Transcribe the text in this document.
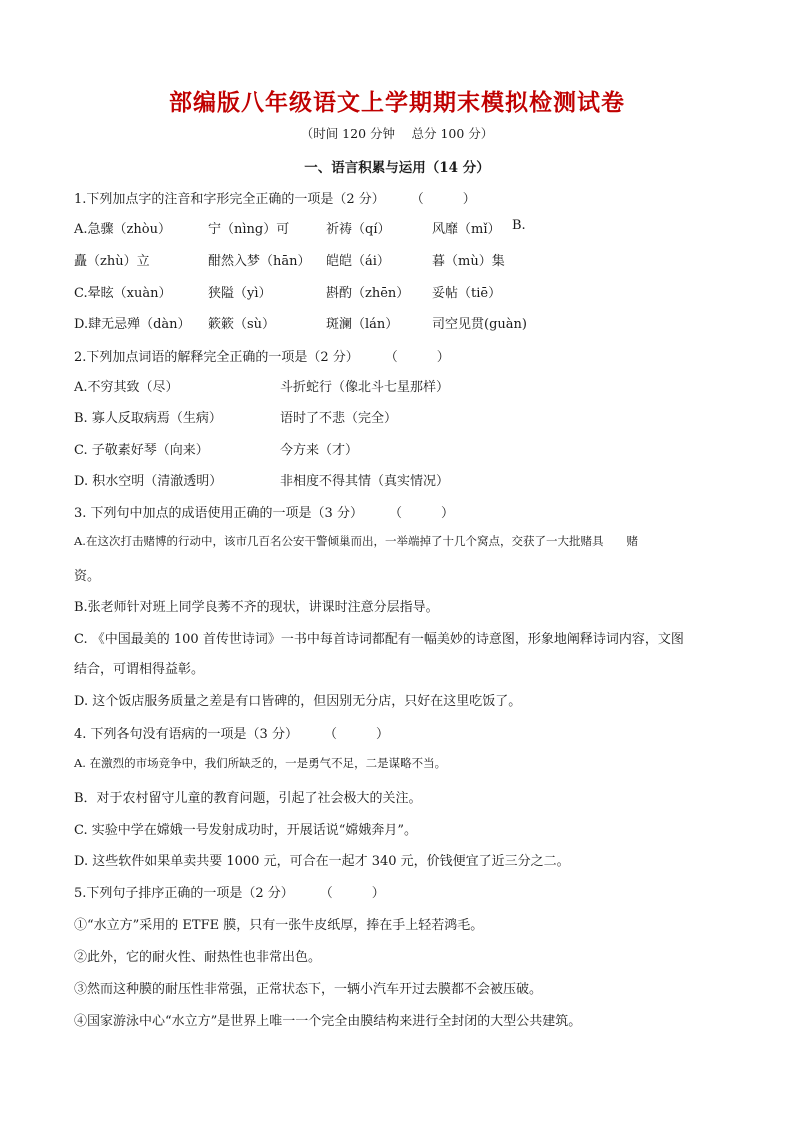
部编版八年级语文上学期期末模拟检测试卷
（时间 120 分钟　 总分 100 分）
一、语言积累与运用（14 分）
1.下列加点字的注音和字形完全正确的一项是（2 分）　　　（　　　）
A.急骤（zhòu）	宁（nìng）可	祈祷（qí）	风靡（mǐ） B.
矗（zhù）立	酣然入梦（hān） 皑皑（ái）	暮（mù）集
C.晕眩（xuàn）	狭隘（yì）	斟酌（zhēn） 妥帖（tiē）
D.肆无忌殚（dàn） 簌簌（sù）	斑澜（lán）	司空见贯(guàn)
2.下列加点词语的解释完全正确的一项是（2 分）　　　（　　　）
A.不穷其致（尽）	斗折蛇行（像北斗七星那样）
B. 寡人反取病焉（生病）	语时了不悲（完全）
C. 子敬素好琴（向来）	今方来（才）
D. 积水空明（清澈透明）	非相度不得其情（真实情况）
3. 下列句中加点的成语使用正确的一项是（3 分）　　　（　　　）
A.在这次打击赌博的行动中，该市几百名公安干警倾巢而出，一举端掉了十几个窝点，交获了一大批赌具　　赌
资。
B.张老师针对班上同学良莠不齐的现状，讲课时注意分层指导。
C. 《中国最美的 100 首传世诗词》一书中每首诗词都配有一幅美妙的诗意图，形象地阐释诗词内容，文图
结合，可谓相得益彰。
D. 这个饭店服务质量之差是有口皆碑的，但因别无分店，只好在这里吃饭了。
4. 下列各句没有语病的一项是（3 分）　　　（　　　）
A. 在激烈的市场竞争中，我们所缺乏的，一是勇气不足，二是谋略不当。
B．对于农村留守儿童的教育问题，引起了社会极大的关注。
C. 实验中学在嫦娥一号发射成功时，开展话说“嫦娥奔月”。
D. 这些软件如果单卖共要 1000 元，可合在一起才 340 元，价钱便宜了近三分之二。
5.下列句子排序正确的一项是（2 分）　　　（　　　）
①“水立方”采用的 ETFE 膜，只有一张牛皮纸厚，捧在手上轻若鸿毛。
②此外，它的耐火性、耐热性也非常出色。
③然而这种膜的耐压性非常强，正常状态下，一辆小汽车开过去膜都不会被压破。
④国家游泳中心“水立方”是世界上唯一一个完全由膜结构来进行全封闭的大型公共建筑。
